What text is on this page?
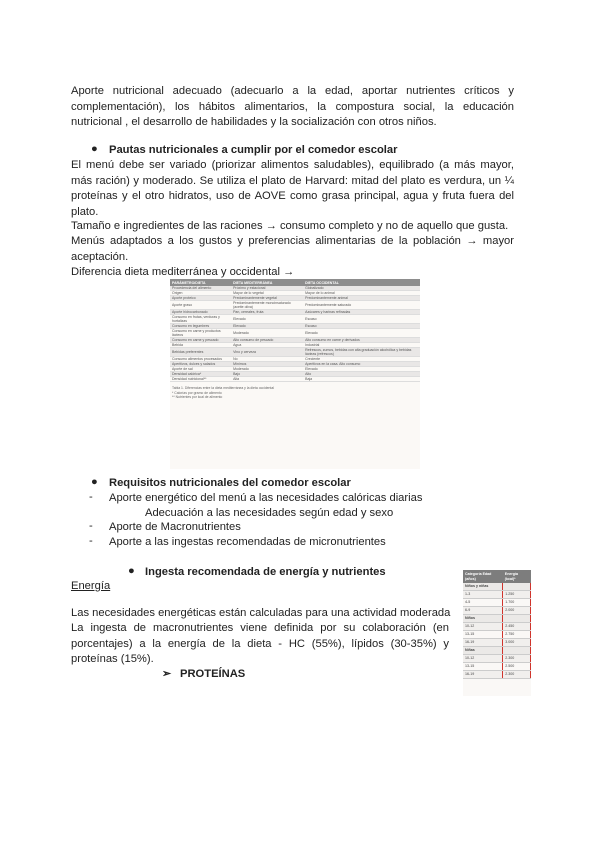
Aporte nutricional adecuado (adecuarlo a la edad, aportar nutrientes críticos y complementación), los hábitos alimentarios, la compostura social, la educación nutricional , el desarrollo de habilidades y la socialización con otros niños.
● Pautas nutricionales a cumplir por el comedor escolar
El menú debe ser variado (priorizar alimentos saludables), equilibrado (a más mayor, más ración) y moderado. Se utiliza el plato de Harvard: mitad del plato es verdura, un ¼ proteínas y el otro hidratos, uso de AOVE como grasa principal, agua y fruta fuera del plato.
Tamaño e ingredientes de las raciones → consumo completo y no de aquello que gusta.
Menús adaptados a los gustos y preferencias alimentarias de la población → mayor aceptación.
Diferencia dieta mediterránea y occidental →
PARÁMETRO/DIETA	DIETA MEDITERRÁNEA	DIETA OCCIDENTAL
Procedencia del alimento	Próximo y estacional	Globalizado
Origen	Mayor de lo vegetal	Mayor de lo animal
Aporte proteico	Predominantemente vegetal	Predominantemente animal
Aporte graso	Predominantemente monoinsaturado (aceite oliva)	Predominantemente saturado
Aporte hidrocarbonado	Pan, cereales, fruta	Azúcares y harinas refinadas
Consumo en frutas, verduras y hortalizas	Elevado	Escaso
Consumo en legumbres	Elevado	Escaso
Consumo en carne y productos lácteos	Moderado	Elevado
Consumo en carne y pescado	Alto consumo de pescado	Alto consumo en carne y derivados
Bebida	Agua	Industrial
Bebidas preferentes	Vino y cerveza	Refrescos, zumos, bebidas con alta graduación alcohólica y bebidas lácteas (refrescos)
Consumo alimentos procesados	No	Creciente
Aperitivos, dulces y salados	Mínimos	Aperitivos en la casa. Alto consumo
Aporte de sal	Moderado	Elevado
Densidad calórica*	Bajo	Alto
Densidad nutricional**	Alta	Baja
Tabla 1. Diferencias entre la dieta mediterránea y la dieta occidental
* Calorías por gramo de alimento
** Nutrientes por kcal de alimento
● Requisitos nutricionales del comedor escolar
- Aporte energético del menú a las necesidades calóricas diarias
Adecuación a las necesidades según edad y sexo
- Aporte de Macronutrientes
- Aporte a las ingestas recomendadas de micronutrientes
● Ingesta recomendada de energía y nutrientes
Energía
Las necesidades energéticas están calculadas para una actividad moderada
La ingesta de macronutrientes viene definida por su colaboración (en porcentajes) a la energía de la dieta - HC (55%), lípidos (30-35%) y proteínas (15%).
➢ PROTEÍNAS
Categoría Edad (años)	Energía (kcal)*
Niños y niñas	
1-3	1.250
4-5	1.700
6-9	2.000
Niños	
10-12	2.450
13-15	2.750
16-19	3.000
Niñas	
10-12	2.300
13-15	2.500
16-19	2.300
